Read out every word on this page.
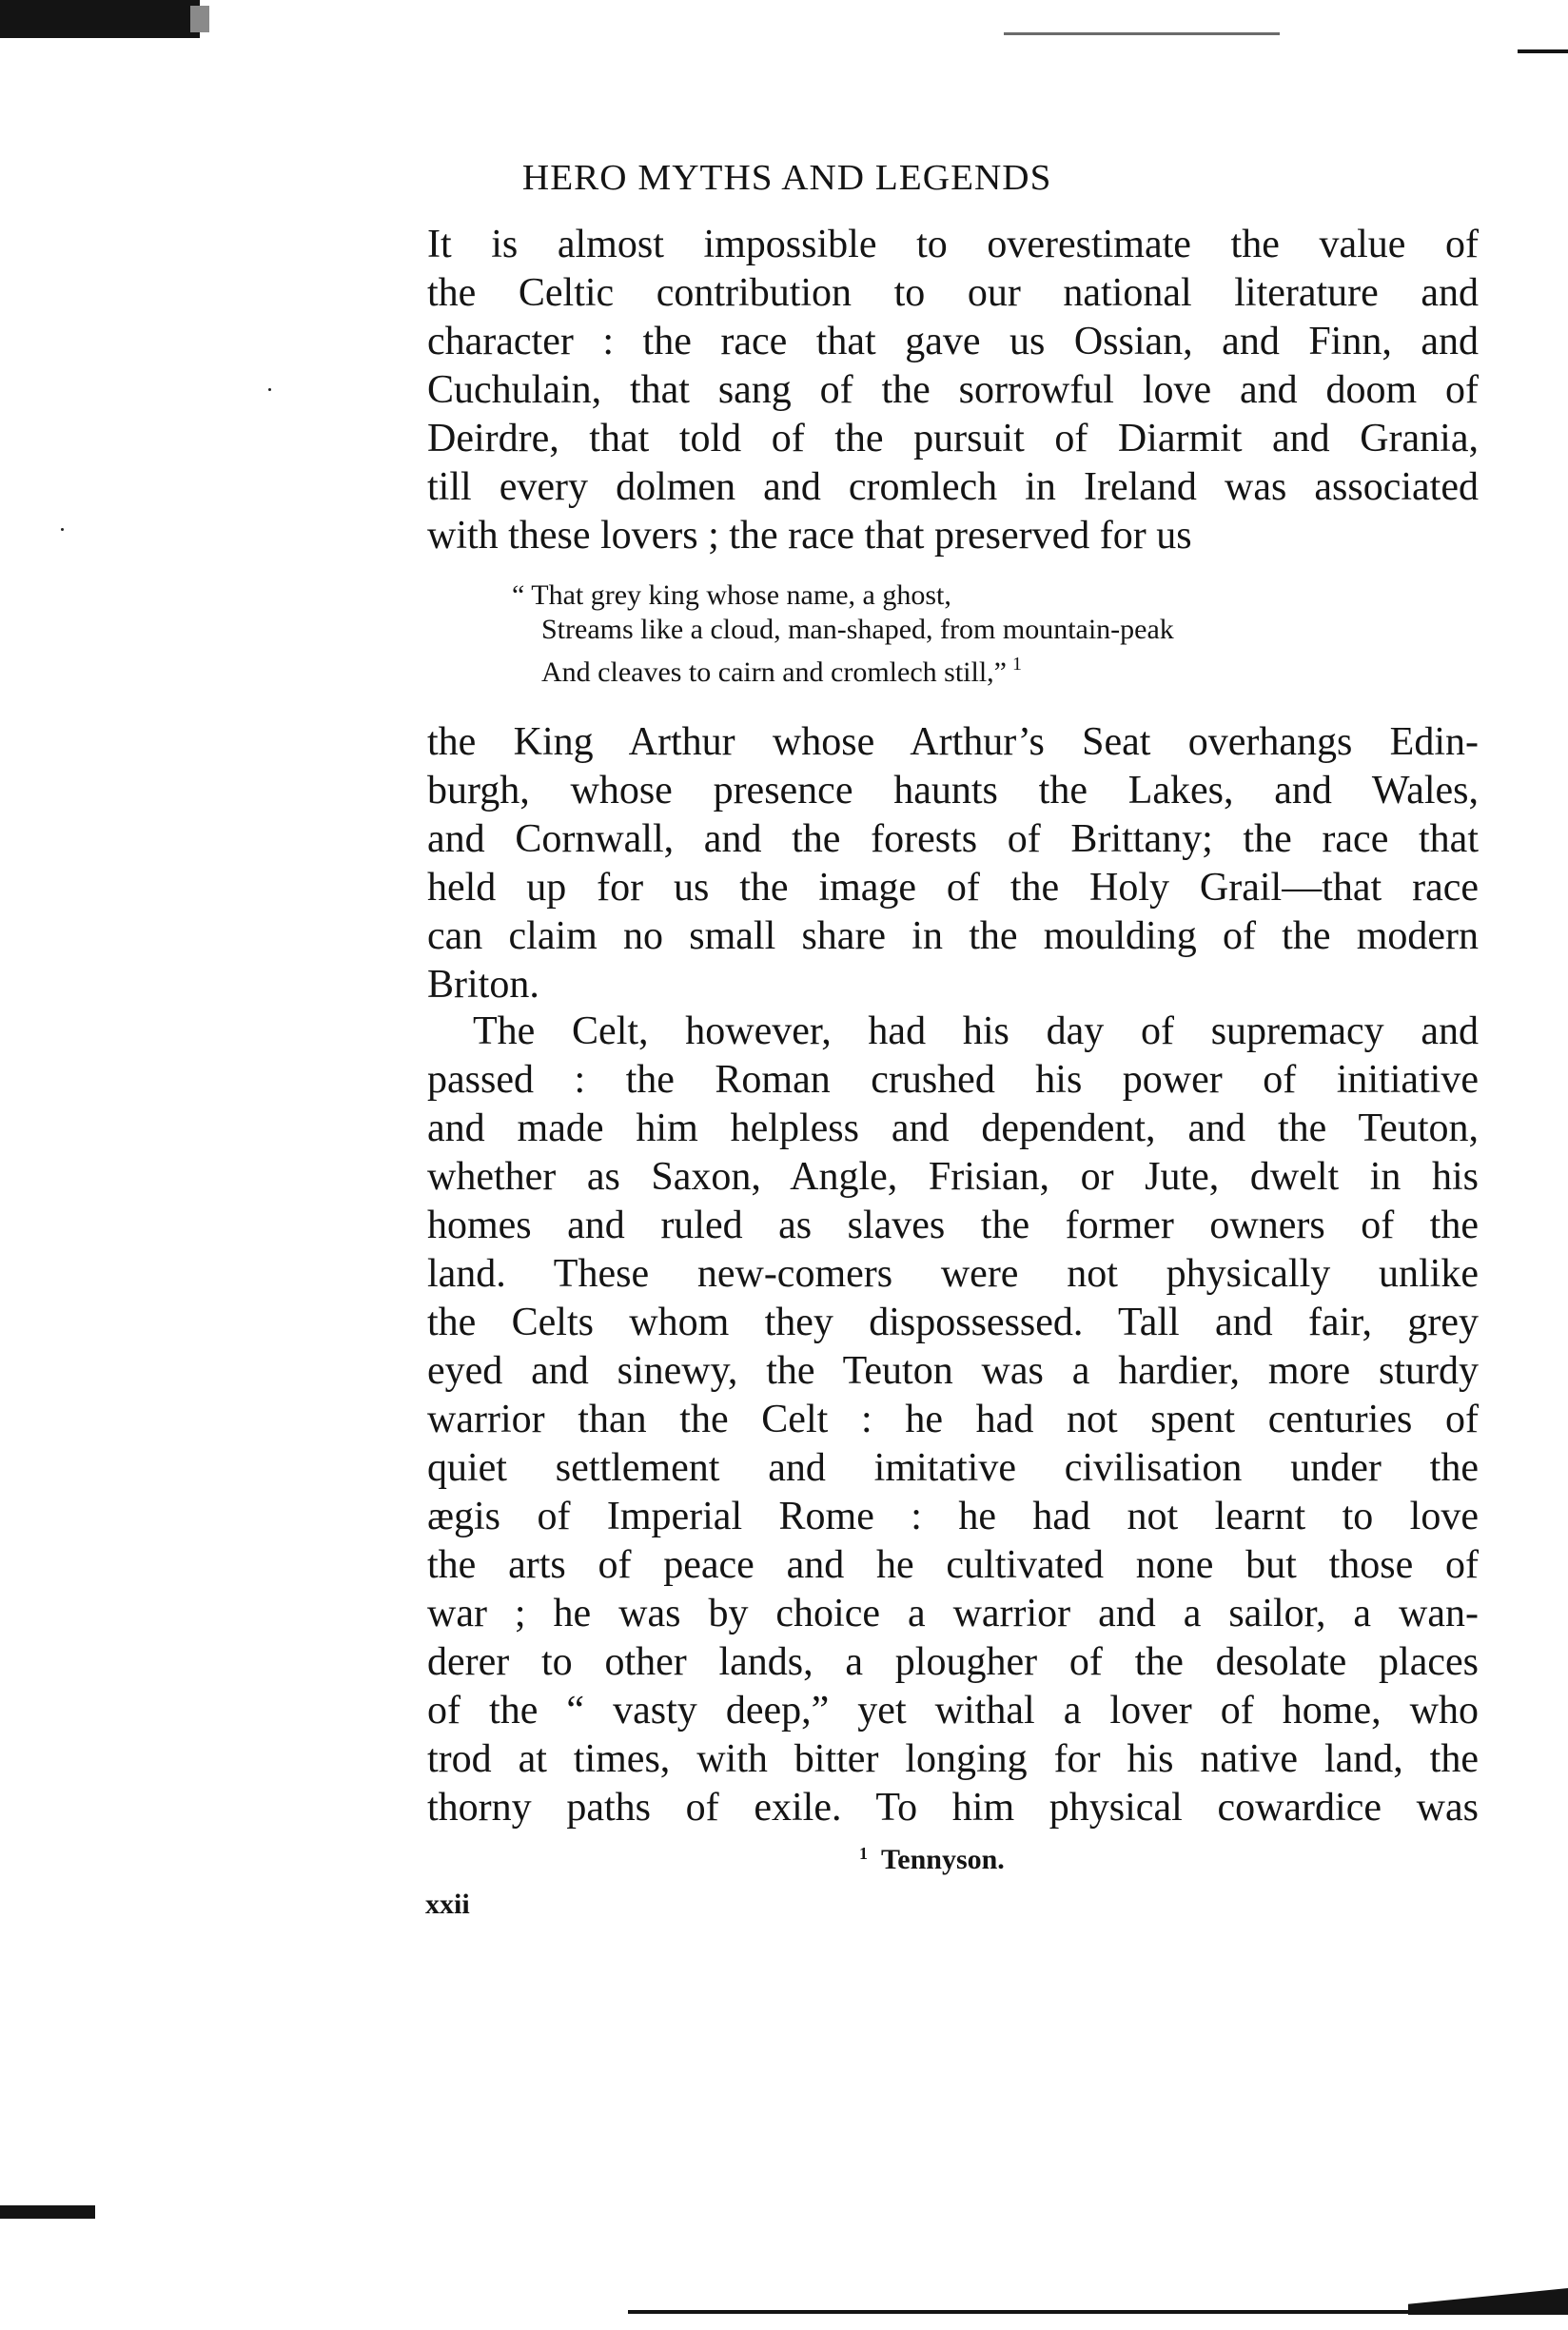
HERO MYTHS AND LEGENDS
It is almost impossible to overestimate the value of
the Celtic contribution to our national literature and
character : the race that gave us Ossian, and Finn, and
Cuchulain, that sang of the sorrowful love and doom of
Deirdre, that told of the pursuit of Diarmit and Grania,
till every dolmen and cromlech in Ireland was associated
with these lovers ; the race that preserved for us
“ That grey king whose name, a ghost,
Streams like a cloud, man-shaped, from mountain-peak
And cleaves to cairn and cromlech still,” $^1$
the King Arthur whose Arthur’s Seat overhangs Edin-
burgh, whose presence haunts the Lakes, and Wales,
and Cornwall, and the forests of Brittany; the race that
held up for us the image of the Holy Grail—that race
can claim no small share in the moulding of the modern
Briton.
The Celt, however, had his day of supremacy and
passed : the Roman crushed his power of initiative
and made him helpless and dependent, and the Teuton,
whether as Saxon, Angle, Frisian, or Jute, dwelt in his
homes and ruled as slaves the former owners of the
land. These new-comers were not physically unlike
the Celts whom they dispossessed. Tall and fair, grey
eyed and sinewy, the Teuton was a hardier, more sturdy
warrior than the Celt : he had not spent centuries of
quiet settlement and imitative civilisation under the
ægis of Imperial Rome : he had not learnt to love
the arts of peace and he cultivated none but those of
war ; he was by choice a warrior and a sailor, a wan-
derer to other lands, a plougher of the desolate places
of the “ vasty deep,” yet withal a lover of home, who
trod at times, with bitter longing for his native land, the
thorny paths of exile. To him physical cowardice was
$^1$ Tennyson.
xxii
